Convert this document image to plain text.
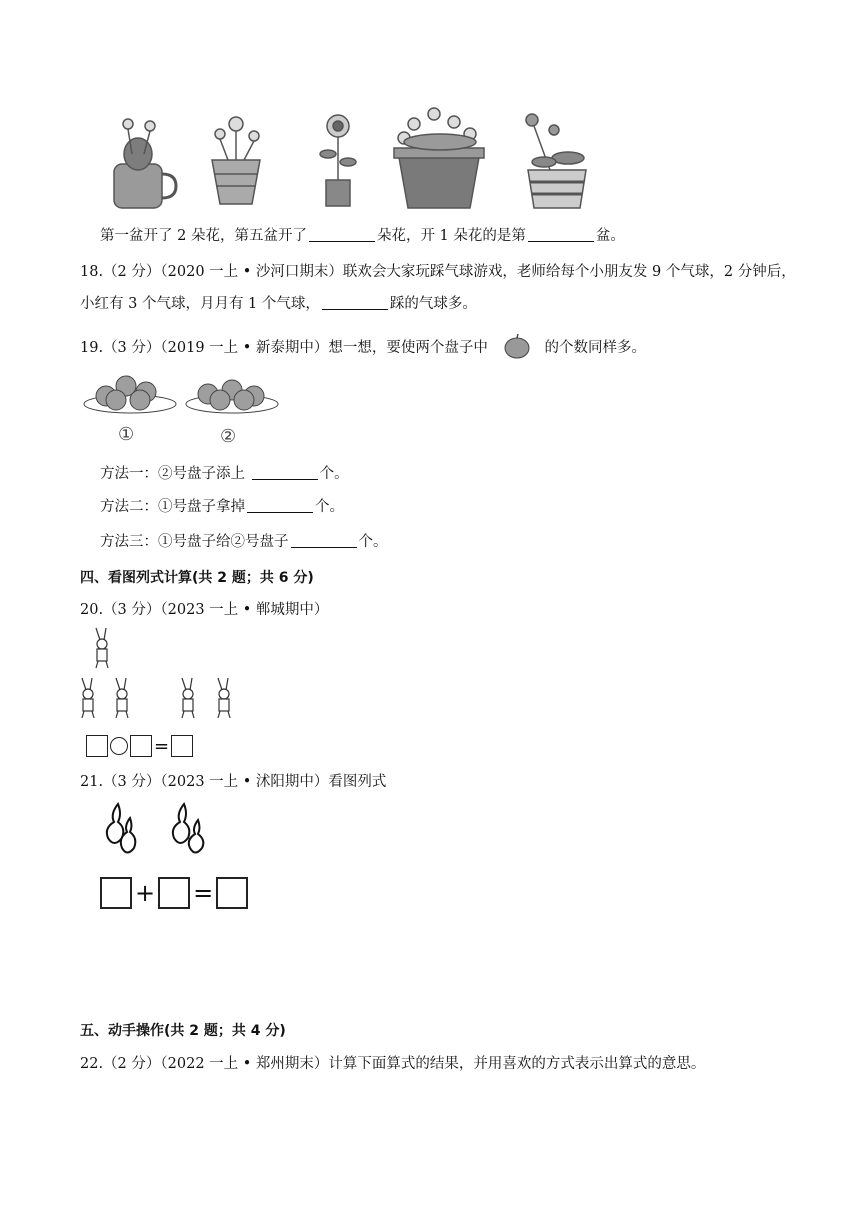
第一盆开了 2 朵花，第五盆开了	朵花，开 1 朵花的是第	盆。
18.（2 分）（2020 一上 • 沙河口期末）联欢会大家玩踩气球游戏，老师给每个小朋友发 9 个气球，2 分钟后，
小红有 3 个气球，月月有 1 个气球，	踩的气球多。
19.（3 分）（2019 一上 • 新泰期中）想一想，要使两个盘子中	的个数同样多。
①	②
方法一：②号盘子添上	个。
方法二：①号盘子拿掉	个。
方法三：①号盘子给②号盘子	个。
四、看图列式计算(共 2 题；共 6 分)
20.（3 分）（2023 一上 • 郸城期中）
=
21.（3 分）（2023 一上 • 沭阳期中）看图列式
+ =
五、动手操作(共 2 题；共 4 分)
22.（2 分）（2022 一上 • 郑州期末）计算下面算式的结果，并用喜欢的方式表示出算式的意思。
